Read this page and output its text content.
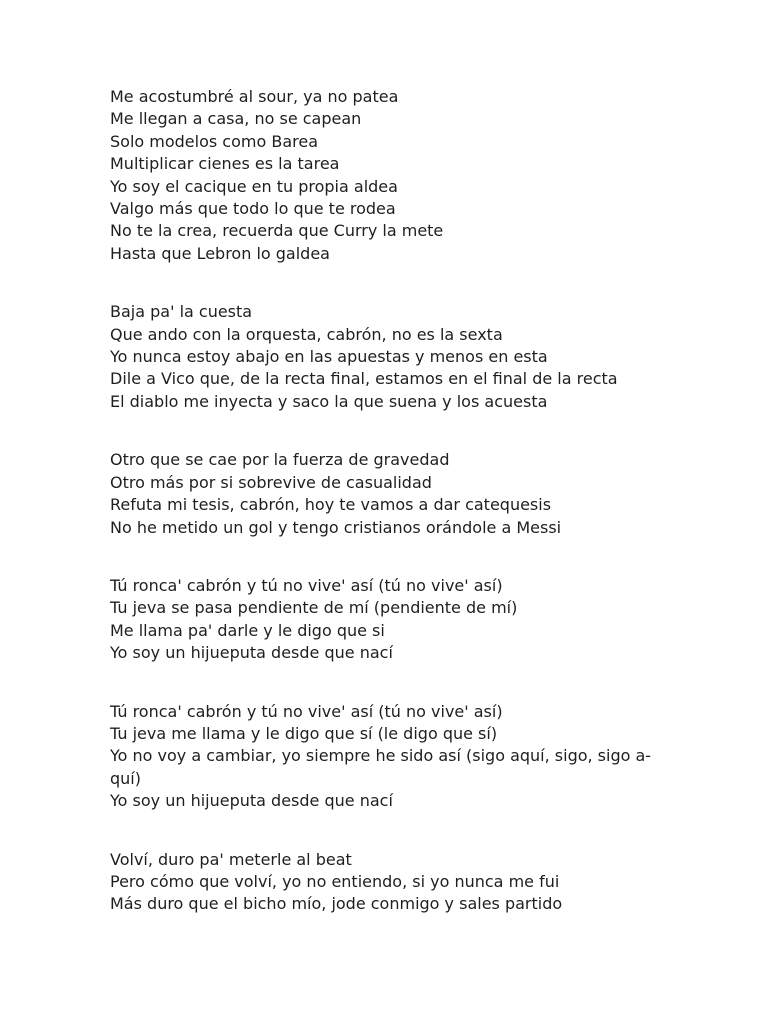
Me acostumbré al sour, ya no patea
Me llegan a casa, no se capean
Solo modelos como Barea
Multiplicar cienes es la tarea
Yo soy el cacique en tu propia aldea
Valgo más que todo lo que te rodea
No te la crea, recuerda que Curry la mete
Hasta que Lebron lo galdea
Baja pa' la cuesta
Que ando con la orquesta, cabrón, no es la sexta
Yo nunca estoy abajo en las apuestas y menos en esta
Dile a Vico que, de la recta final, estamos en el final de la recta
El diablo me inyecta y saco la que suena y los acuesta
Otro que se cae por la fuerza de gravedad
Otro más por si sobrevive de casualidad
Refuta mi tesis, cabrón, hoy te vamos a dar catequesis
No he metido un gol y tengo cristianos orándole a Messi
Tú ronca' cabrón y tú no vive' así (tú no vive' así)
Tu jeva se pasa pendiente de mí (pendiente de mí)
Me llama pa' darle y le digo que si
Yo soy un hijueputa desde que nací
Tú ronca' cabrón y tú no vive' así (tú no vive' así)
Tu jeva me llama y le digo que sí (le digo que sí)
Yo no voy a cambiar, yo siempre he sido así (sigo aquí, sigo, sigo a-
quí)
Yo soy un hijueputa desde que nací
Volví, duro pa' meterle al beat
Pero cómo que volví, yo no entiendo, si yo nunca me fui
Más duro que el bicho mío, jode conmigo y sales partido
